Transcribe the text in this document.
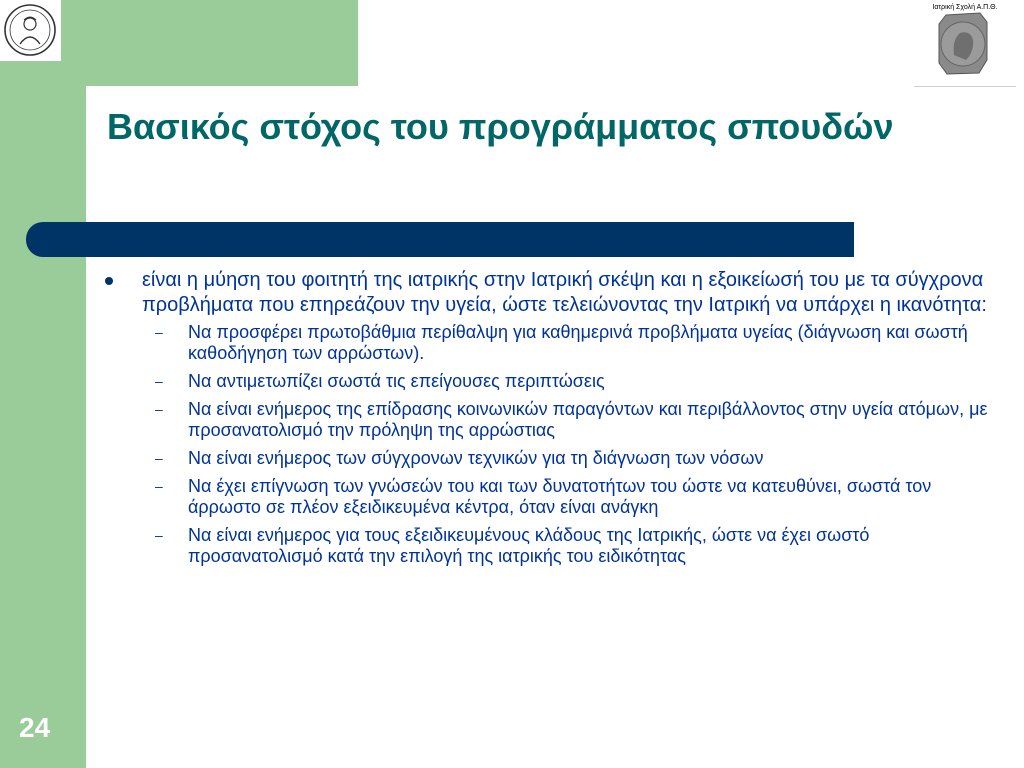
Ιατρική Σχολή Α.Π.Θ.
Βασικός στόχος του προγράμματος σπουδών

είναι η μύηση του φοιτητή της ιατρικής στην Ιατρική σκέψη και η εξοικείωσή του με τα σύγχρονα προβλήματα που επηρεάζουν την υγεία, ώστε τελειώνοντας την Ιατρική να υπάρχει η ικανότητα:

– Να προσφέρει πρωτοβάθμια περίθαλψη για καθημερινά προβλήματα υγείας (διάγνωση και σωστή καθοδήγηση των αρρώστων).
– Να αντιμετωπίζει σωστά τις επείγουσες περιπτώσεις
– Να είναι ενήμερος της επίδρασης κοινωνικών παραγόντων και περιβάλλοντος στην υγεία ατόμων, με προσανατολισμό την πρόληψη της αρρώστιας
– Να είναι ενήμερος των σύγχρονων τεχνικών για τη διάγνωση των νόσων
– Να έχει επίγνωση των γνώσεών του και των δυνατοτήτων του ώστε να κατευθύνει, σωστά τον άρρωστο σε πλέον εξειδικευμένα κέντρα, όταν είναι ανάγκη
– Να είναι ενήμερος για τους εξειδικευμένους κλάδους της Ιατρικής, ώστε να έχει σωστό προσανατολισμό κατά την επιλογή της ιατρικής του ειδικότητας
24
